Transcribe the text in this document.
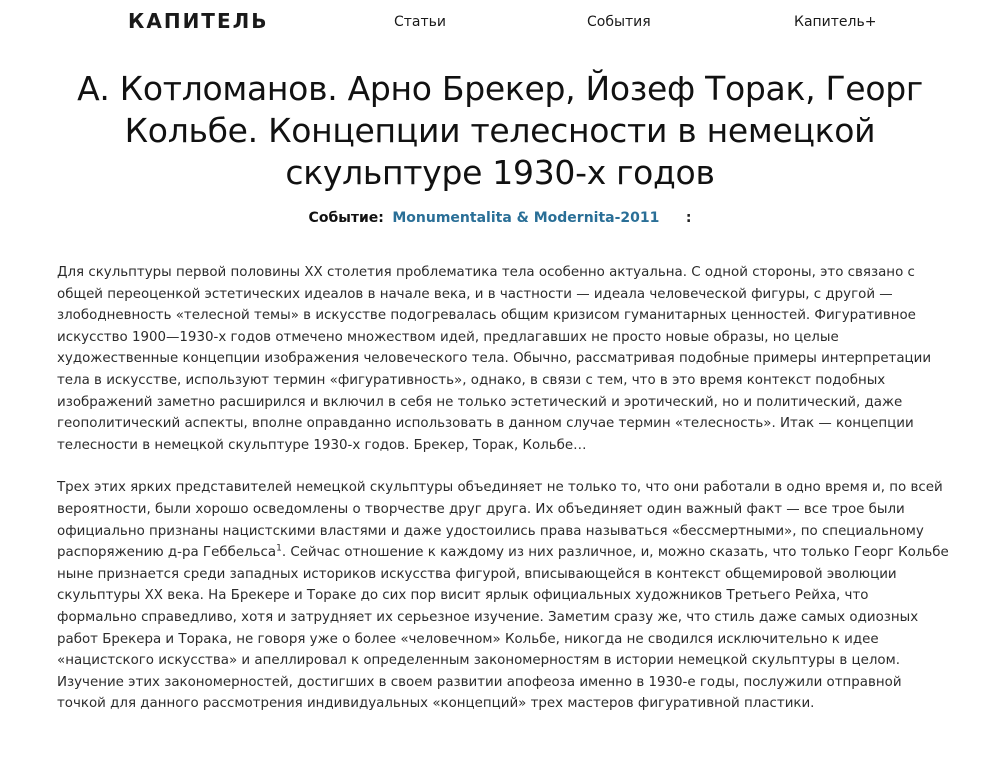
КАПИТЕЛЬ	Статьи	События	Капитель+
А. Котломанов. Арно Брекер, Йозеф Торак, Георг Кольбе. Концепции телесности в немецкой скульптуре 1930-х годов
Событие: Monumentalita & Modernita-2011 :

Для скульптуры первой половины XX столетия проблематика тела особенно актуальна. С одной стороны, это связано с общей переоценкой эстетических идеалов в начале века, и в частности — идеала человеческой фигуры, с другой — злободневность «телесной темы» в искусстве подогревалась общим кризисом гуманитарных ценностей. Фигуративное искусство 1900—1930-х годов отмечено множеством идей, предлагавших не просто новые образы, но целые художественные концепции изображения человеческого тела. Обычно, рассматривая подобные примеры интерпретации тела в искусстве, используют термин «фигуративность», однако, в связи с тем, что в это время контекст подобных изображений заметно расширился и включил в себя не только эстетический и эротический, но и политический, даже геополитический аспекты, вполне оправданно использовать в данном случае термин «телесность». Итак — концепции телесности в немецкой скульптуре 1930-х годов. Брекер, Торак, Кольбе…

Трех этих ярких представителей немецкой скульптуры объединяет не только то, что они работали в одно время и, по всей вероятности, были хорошо осведомлены о творчестве друг друга. Их объединяет один важный факт — все трое были официально признаны нацистскими властями и даже удостоились права называться «бессмертными», по специальному распоряжению д-ра Геббельса$^1$. Сейчас отношение к каждому из них различное, и, можно сказать, что только Георг Кольбе ныне признается среди западных историков искусства фигурой, вписывающейся в контекст общемировой эволюции скульптуры XX века. На Брекере и Тораке до сих пор висит ярлык официальных художников Третьего Рейха, что формально справедливо, хотя и затрудняет их серьезное изучение. Заметим сразу же, что стиль даже самых одиозных работ Брекера и Торака, не говоря уже о более «человечном» Кольбе, никогда не сводился исключительно к идее «нацистского искусства» и апеллировал к определенным закономерностям в истории немецкой скульптуры в целом. Изучение этих закономерностей, достигших в своем развитии апофеоза именно в 1930-е годы, послужили отправной точкой для данного рассмотрения индивидуальных «концепций» трех мастеров фигуративной пластики.
